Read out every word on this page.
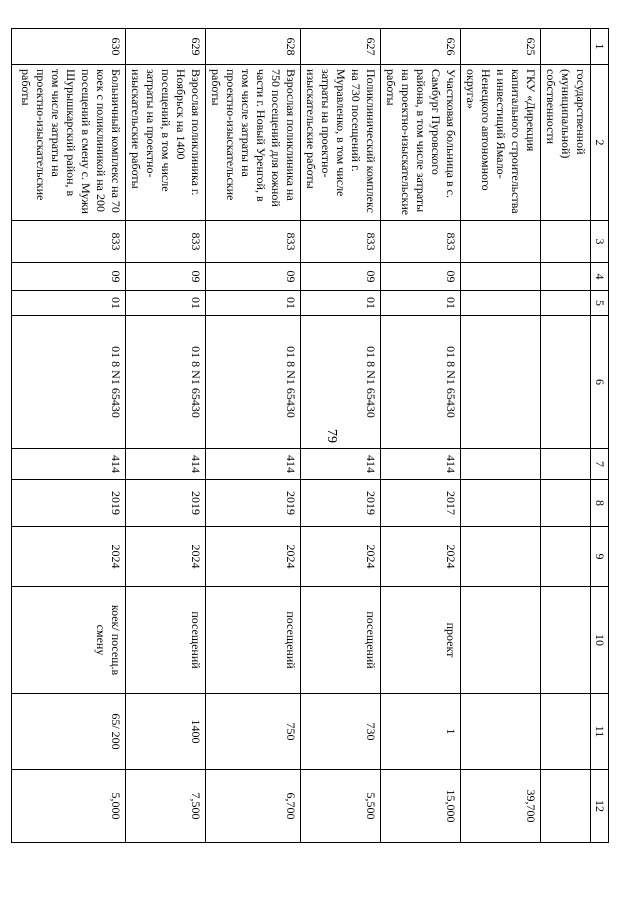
79
1	2	3	4	5	6	7	8	9	10	11	12
	государственной (муниципальной) собственности										
625	ГКУ «Дирекция капитального строительства и инвестиций Ямало-Ненецкого автономного округа»										39,700
626	Участковая больница в с. Самбург Пуровского района, в том числе затраты на проектно-изыскательские работы	833	09	01	01 8 N1 65430	414	2017	2024	проект	1	15,000
627	Поликлинический комплекс на 730 посещений г. Муравленко, в том числе затраты на проектно-изыскательские работы	833	09	01	01 8 N1 65430	414	2019	2024	посещений	730	5,500
628	Взрослая поликлиника на 750 посещений для южной части г. Новый Уренгой, в том числе затраты на проектно-изыскательские работы	833	09	01	01 8 N1 65430	414	2019	2024	посещений	750	6,700
629	Взрослая поликлиника г. Ноябрьск на 1400 посещений, в том числе затраты на проектно-изыскательские работы	833	09	01	01 8 N1 65430	414	2019	2024	посещений	1400	7,500
630	Больничный комплекс на 70 коек с поликлиникой на 200 посещений в смену с. Мужи Шурышкарский район, в том числе затраты на проектно-изыскательские работы	833	09	01	01 8 N1 65430	414	2019	2024	коек/ посещ.в смену	65/ 200	5,000
